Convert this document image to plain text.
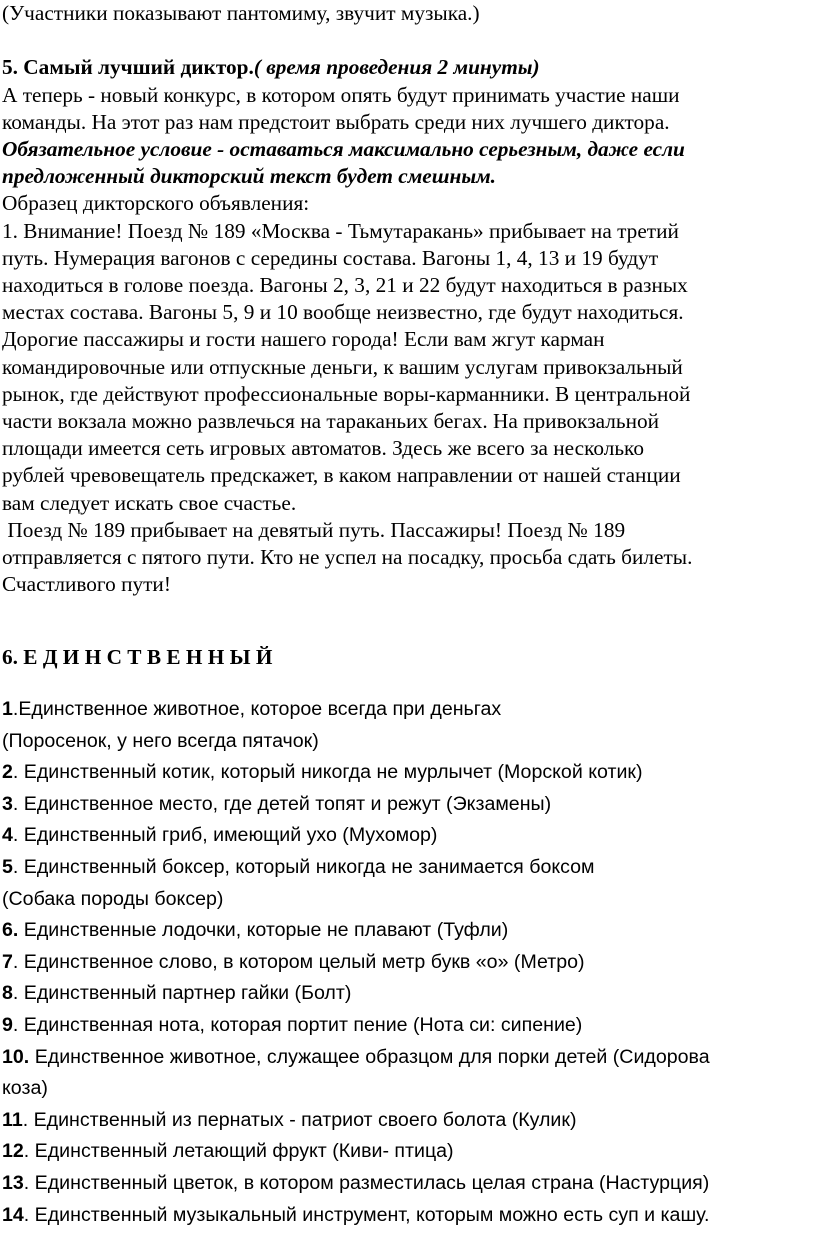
(Участники показывают пантомиму, звучит музыка.)

5. Самый лучший диктор.( время проведения 2 минуты)

А теперь - новый конкурс, в котором опять будут принимать участие наши

команды. На этот раз нам предстоит выбрать среди них лучшего диктора.

Обязательное условие - оставаться максимально серьезным, даже если

предложенный дикторский текст будет смешным.

Образец дикторского объявления:

1. Внимание! Поезд № 189 «Москва - Тьмутаракань» прибывает на третий

путь. Нумерация вагонов с середины состава. Вагоны 1, 4, 13 и 19 будут

находиться в голове поезда. Вагоны 2, 3, 21 и 22 будут находиться в разных

местах состава. Вагоны 5, 9 и 10 вообще неизвестно, где будут находиться.

Дорогие пассажиры и гости нашего города! Если вам жгут карман

командировочные или отпускные деньги, к вашим услугам привокзальный

рынок, где действуют профессиональные воры-карманники. В центральной

части вокзала можно развлечься на тараканьих бегах. На привокзальной

площади имеется сеть игровых автоматов. Здесь же всего за несколько

рублей чревовещатель предскажет, в каком направлении от нашей станции

вам следует искать свое счастье.

Поезд № 189 прибывает на девятый путь. Пассажиры! Поезд № 189

отправляется с пятого пути. Кто не успел на посадку, просьба сдать билеты.

Счастливого пути!

6. Е Д И Н С Т В Е Н Н Ы Й

1.Единственное животное, которое всегда при деньгах

(Поросенок, у него всегда пятачок)

2. Единственный котик, который никогда не мурлычет (Морской котик)

3. Единственное место, где детей топят и режут (Экзамены)

4. Единственный гриб, имеющий ухо (Мухомор)

5. Единственный боксер, который никогда не занимается боксом

(Собака породы боксер)

6. Единственные лодочки, которые не плавают (Туфли)

7. Единственное слово, в котором целый метр букв «о» (Метро)

8. Единственный партнер гайки (Болт)

9. Единственная нота, которая портит пение (Нота си: сипение)

10. Единственное животное, служащее образцом для порки детей (Сидорова

коза)

11. Единственный из пернатых - патриот своего болота (Кулик)

12. Единственный летающий фрукт (Киви- птица)

13. Единственный цветок, в котором разместилась целая страна (Настурция)

14. Единственный музыкальный инструмент, которым можно есть суп и кашу.
